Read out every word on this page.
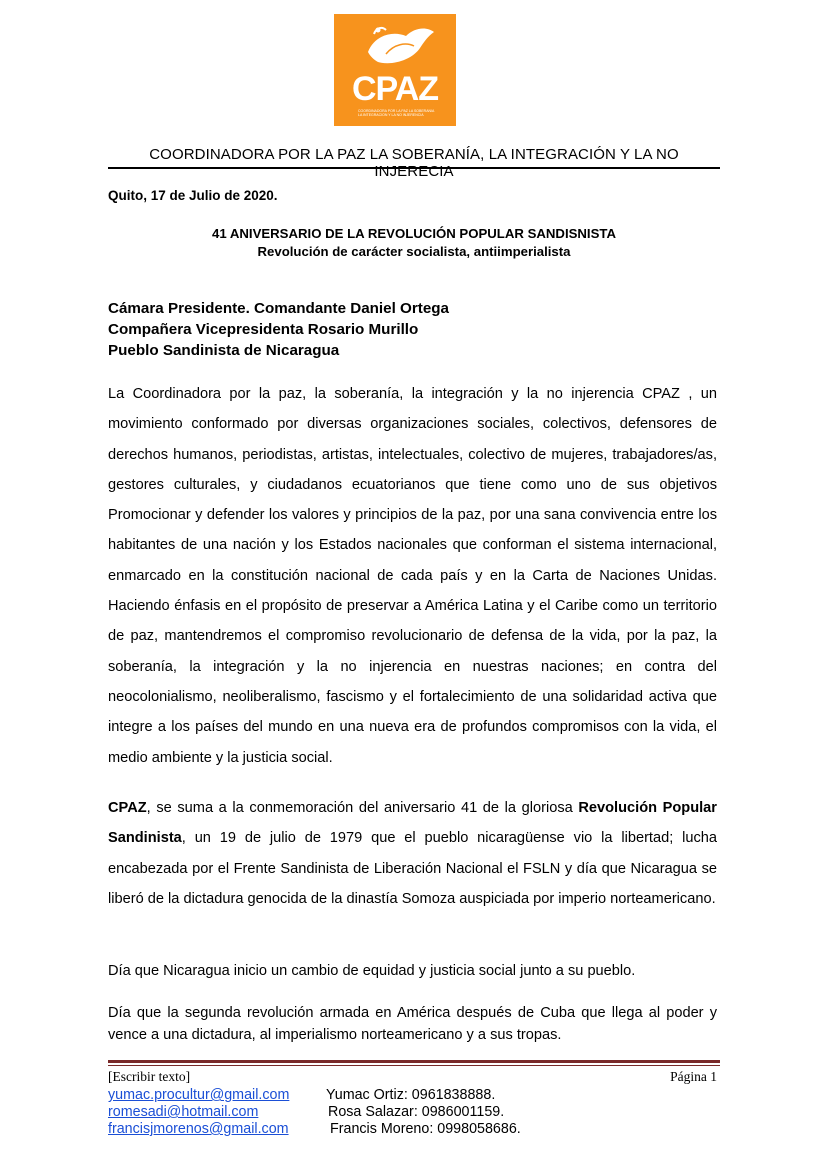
CPAZ
COORDINADORA POR LA PAZ LA SOBERANIA LA INTEGRACION Y LA NO INJERENCIA
COORDINADORA POR LA PAZ LA SOBERANÍA, LA INTEGRACIÓN Y LA NO INJERECIA
Quito, 17 de Julio de 2020.
41 ANIVERSARIO DE LA REVOLUCIÓN POPULAR SANDISNISTA
Revolución de carácter socialista, antiimperialista
Cámara Presidente. Comandante Daniel Ortega
Compañera Vicepresidenta Rosario Murillo
Pueblo Sandinista de Nicaragua
La Coordinadora por la paz, la soberanía, la integración y la no injerencia CPAZ , un movimiento conformado por diversas organizaciones sociales, colectivos, defensores de derechos humanos, periodistas, artistas, intelectuales, colectivo de mujeres, trabajadores/as, gestores culturales, y ciudadanos ecuatorianos que tiene como uno de sus objetivos Promocionar y defender los valores y principios de la paz, por una sana convivencia entre los habitantes de una nación y los Estados nacionales que conforman el sistema internacional, enmarcado en la constitución nacional de cada país y en la Carta de Naciones Unidas. Haciendo énfasis en el propósito de preservar a América Latina y el Caribe como un territorio de paz, mantendremos el compromiso revolucionario de defensa de la vida, por la paz, la soberanía, la integración y la no injerencia en nuestras naciones; en contra del neocolonialismo, neoliberalismo, fascismo y el fortalecimiento de una solidaridad activa que integre a los países del mundo en una nueva era de profundos compromisos con la vida, el medio ambiente y la justicia social.
CPAZ, se suma a la conmemoración del aniversario 41 de la gloriosa Revolución Popular Sandinista, un 19 de julio de 1979 que el pueblo nicaragüense vio la libertad; lucha encabezada por el Frente Sandinista de Liberación Nacional el FSLN y día que Nicaragua se liberó de la dictadura genocida de la dinastía Somoza auspiciada por imperio norteamericano.
Día que Nicaragua inicio un cambio de equidad y justicia social junto a su pueblo.
Día que la segunda revolución armada en América después de Cuba que llega al poder y vence a una dictadura, al imperialismo norteamericano y a sus tropas.
[Escribir texto]	Página 1
yumac.procultur@gmail.com	Yumac Ortiz: 0961838888.
romesadi@hotmail.com	Rosa Salazar: 0986001159.
francisjmorenos@gmail.com	Francis Moreno: 0998058686.
